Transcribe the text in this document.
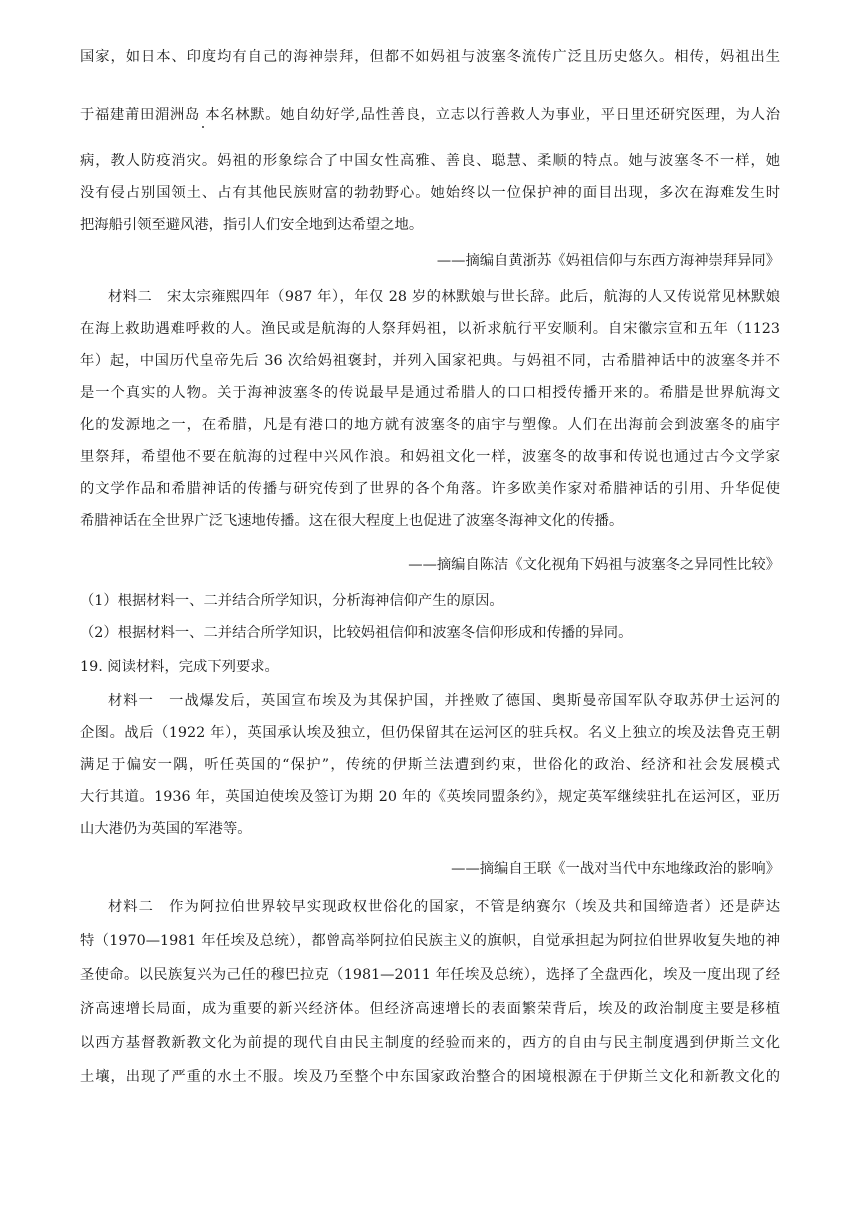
国家，如日本、印度均有自己的海神崇拜，但都不如妈祖与波塞冬流传广泛且历史悠久。相传，妈祖出生
于福建莆田湄洲岛 本名林默。她自幼好学,品性善良，立志以行善救人为事业，平日里还研究医理，为人治
病，教人防疫消灾。妈祖的形象综合了中国女性高雅、善良、聪慧、柔顺的特点。她与波塞冬不一样，她
没有侵占别国领土、占有其他民族财富的勃勃野心。她始终以一位保护神的面目出现，多次在海难发生时
把海船引领至避风港，指引人们安全地到达希望之地。
——摘编自黄浙苏《妈祖信仰与东西方海神崇拜异同》
材料二　宋太宗雍熙四年（987 年），年仅 28 岁的林默娘与世长辞。此后，航海的人又传说常见林默娘
在海上救助遇难呼救的人。渔民或是航海的人祭拜妈祖，以祈求航行平安顺利。自宋徽宗宣和五年（1123
年）起，中国历代皇帝先后 36 次给妈祖褒封，并列入国家祀典。与妈祖不同，古希腊神话中的波塞冬并不
是一个真实的人物。关于海神波塞冬的传说最早是通过希腊人的口口相授传播开来的。希腊是世界航海文
化的发源地之一，在希腊，凡是有港口的地方就有波塞冬的庙宇与塑像。人们在出海前会到波塞冬的庙宇
里祭拜，希望他不要在航海的过程中兴风作浪。和妈祖文化一样，波塞冬的故事和传说也通过古今文学家
的文学作品和希腊神话的传播与研究传到了世界的各个角落。许多欧美作家对希腊神话的引用、升华促使
希腊神话在全世界广泛飞速地传播。这在很大程度上也促进了波塞冬海神文化的传播。
——摘编自陈洁《文化视角下妈祖与波塞冬之异同性比较》
（1）根据材料一、二并结合所学知识，分析海神信仰产生的原因。
（2）根据材料一、二并结合所学知识，比较妈祖信仰和波塞冬信仰形成和传播的异同。
19. 阅读材料，完成下列要求。
材料一　一战爆发后，英国宣布埃及为其保护国，并挫败了德国、奥斯曼帝国军队夺取苏伊士运河的
企图。战后（1922 年），英国承认埃及独立，但仍保留其在运河区的驻兵权。名义上独立的埃及法鲁克王朝
满足于偏安一隅，听任英国的“保护”，传统的伊斯兰法遭到约束，世俗化的政治、经济和社会发展模式
大行其道。1936 年，英国迫使埃及签订为期 20 年的《英埃同盟条约》，规定英军继续驻扎在运河区，亚历
山大港仍为英国的军港等。
——摘编自王联《一战对当代中东地缘政治的影响》
材料二　作为阿拉伯世界较早实现政权世俗化的国家，不管是纳赛尔（埃及共和国缔造者）还是萨达
特（1970—1981 年任埃及总统），都曾高举阿拉伯民族主义的旗帜，自觉承担起为阿拉伯世界收复失地的神
圣使命。以民族复兴为己任的穆巴拉克（1981—2011 年任埃及总统），选择了全盘西化，埃及一度出现了经
济高速增长局面，成为重要的新兴经济体。但经济高速增长的表面繁荣背后，埃及的政治制度主要是移植
以西方基督教新教文化为前提的现代自由民主制度的经验而来的，西方的自由与民主制度遇到伊斯兰文化
土壤，出现了严重的水土不服。埃及乃至整个中东国家政治整合的困境根源在于伊斯兰文化和新教文化的
